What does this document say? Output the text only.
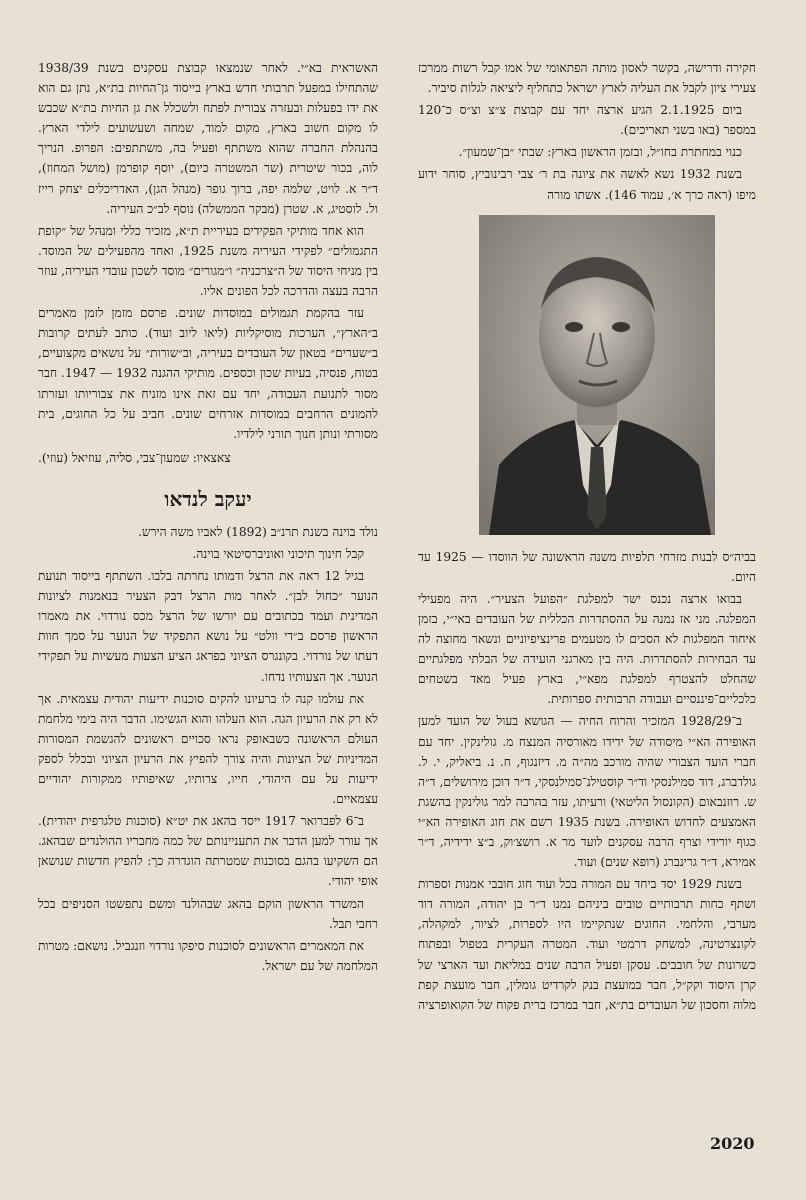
חקירה ודרישה, בקשר לאסון מותה הפתאומי של אמו קבל רשות ממרכז צעירי ציון לקבל את העליה לארץ ישראל כתחליף ליציאה לגלות סיביר.

ביום 2.1.1925 הגיע ארצה יחד עם קבוצת צ״צ וצ״ס כ־120 במספר (באו בשני תאריכים).

כנוי במחתרת בחו״ל, ובזמן הראשון בארץ: שבתי ״בן־שמעון״.

בשנת 1932 נשא לאשה את ציונה בת ר׳ צבי רבינוביץ, סוחר ידוע מיפו (ראה כרך א׳, עמוד 146). אשתו מורה

בביה״ס לבנות מזרחי תלפיות משנה הראשונה של הווסדו — 1925 עד היום.

בבואו ארצה נכנס ישר למפלגת ״הפועל הצעיר״. היה מפעילי המפלגה. מני אז נמנה על ההסתדרות הכללית של העובדים באי״י, בזמן איחוד המפלגות לא הסכים לו מטעמים פרינציפיוניים ונשאר מחוצה לה עד הבחירות להסתדרות. היה בין מארגני הועידה של הבלתי מפלגתיים שהחלט להצטרף למפלגת מפא״י, בארץ פעיל מאד בשטחים כלכליים־פיננסיים ועבודה תרבותית ספרותית.

ב־1928/29 המזכיר והרוח החיה — הגושא בעול של הועד למען האופירה הא״י מיסודה של ידידו מאורסיה המנצח מ. גולינקין. יחד עם חברי הועד הצבורי שהיה מורכב מה״ה מ. דיזנגוף, ח. נ. ביאליק, י. ל. גולדברג, דוד סמילנסקי וד״ר קוסטילנ־סמילנסקי, ד״ר דוכן מירושלים, ד״ה ש. רוזנבאום (הקונסול הליטאי) ורעיתו, עזר בהרבה למר גולינקין בהשגת האמצעים לחדוש האופירה. בשנת 1935 רשם את חוג האופירה הא״י כגוף יורידי וצרף הרבה עסקנים לועד מר א. רושצ׳וק, ב״צ ידידיה, ד״ר אמירא, ד״ר גרינברג (רופא שנים) ועוד.

בשנת 1929 יסד ביחד עם המורה בכל ועוד חוג חובבי אמנות וספרות ושתף כחות תרבותיים טובים ביניהם נמנו ד״ר בן יהודה, המורה דוד מערבי, והלחמי. החוגים שנתקיימו היו לספרות, לציור, למקהלה, לקונצרטינה, למשחק דרמטי ועוד. המטרה העקרית בטפול ובפתוח כשרונות של חובבים. עסקן ופעיל הרבה שנים במליאת ועד הארצי של קרן היסוד וקק״ל, חבר במועצת בנק לקרדיט גומלין, חבר מועצת קפת מלוה וחסכון של העובדים בת״א, חבר במרכז ברית פקוח של הקואופרציה

האשראית בא״י. לאחר שנמצאו קבוצת עסקנים בשנת 1938/39 שהתחילו במפעל תרבותי חדש בארץ בייסוד גן־החיות בת״א, נתן גם הוא את ידו בפעלות ובעזרה צבורית לפתח ולשכלל את גן החיות בת״א שכבש לו מקום חשוב בארץ, מקום למוד, שמחה ושעשועים לילדי הארץ. בהנהלת החברה שהוא משתתף ופעיל בה, משתתפים: הפרופ. הנריך לוה, בכור שיטרית (שר המשטרה כיום), יוסף קופרמן (מושל המחוז), ד״ר א. לויט, שלמה יפה, ברוך גופר (מנהל הגן), האדריכלים יצחק רייז ול. לוסטיג, א. שטרן (מבקר הממשלה) נוסף לב״כ העיריה.

הוא אחד מותיקי הפקידים בעיריית ת״א, מזכיר כללי ומנהל של ״קופת התגמולים״ לפקידי העיריה משנת 1925, ואחד מהפעילים של המוסד. בין מניחי היסוד של ה״צרכניה״ ו״מגורים״ מוסד לשכון עובדי העיריה, עוזר הרבה בעצה והדרכה לכל הפונים אליו.

עזר בהקמת תגמולים במוסדות שונים. פרסם מזמן לזמן מאמרים ב״הארץ״, הערכות מוסיקליות (ליאו ליוב ועוד). כותב לעתים קרובות ב״שערים״ בטאון של העובדים בעיריה, וב״שורות״ על נושאים מקצועיים, בטוח, פנסיה, בעיות שכון וכספים. מותיקי ההגנה 1932 — 1947. חבר מסור לתנועת העבודה, יחד עם זאת אינו מזניח את צבוריותו ועזרתו להמונים הרחבים במוסדות אזרחים שונים. חביב על כל החוגים, בית מסורתי ונותן חנוך תורני לילדיו.

צאצאיו: שמעון־צבי, סליה, עוזיאל (עוזי).

יעקב לנדאו

נולד בוינה בשנת תרנ״ב (1892) לאביו משה הירש.

קבל חינוך תיכוני ואוניברסיטאי בוינה.

בגיל 12 ראה את הרצל ודמותו נחרתה בלבו. השתתף בייסוד תנועת הנוער ״כחול לבן״. לאחר מות הרצל דבק הצעיר בנאמנות לציונות המדינית ועמד בכתובים עם יורשו של הרצל מכס נורדוי. את מאמרו הראשון פרסם ב״די וולט״ על נושא התפקיד של הנוער על סמך חוות דעתו של נורדוי. בקונגרס הציוני בפראג הציע הצעות מעשיות על תפקידי הנוער. אך הצעותיו נדחו.

את עולמו קנה לו ברעיונו להקים סוכנות ידיעות יהודית עצמאית. אך לא רק את הרעיון הגה. הוא העלהו והוא הגשימו. הדבר היה בימי מלחמת העולם הראשונה כשבאופק נראו סכויים ראשונים להגשמת המסורות המדיניות של הציונות והיה צורך להפיץ את הרעיון הציוני ובכלל לספק ידיעות על עם היהודי, חייו, צרותיו, שאיפותיו ממקורות יהודיים עצמאיים.

ב־6 לפברואר 1917 ייסד בהאג את יט״א (סוכנות טלגרפית יהודית). אך עורר למען הדבר את התעניינותם של כמה מחבריו ההולנדים שבהאג. הם השקיעו בהגם בסוכנות שמטרתה הוגדרה כך: להפיץ חדשות שנושאן אופי יהודי.

המשרד הראשון הוקם בהאג שבהולנד ומשם נתפשטו הסניפים בכל רחבי תבל.

את המאמרים הראשונים לסוכנות סיפקו נורדוי וזנגביל. נושאם: מטרות המלחמה של עם ישראל.

2020
